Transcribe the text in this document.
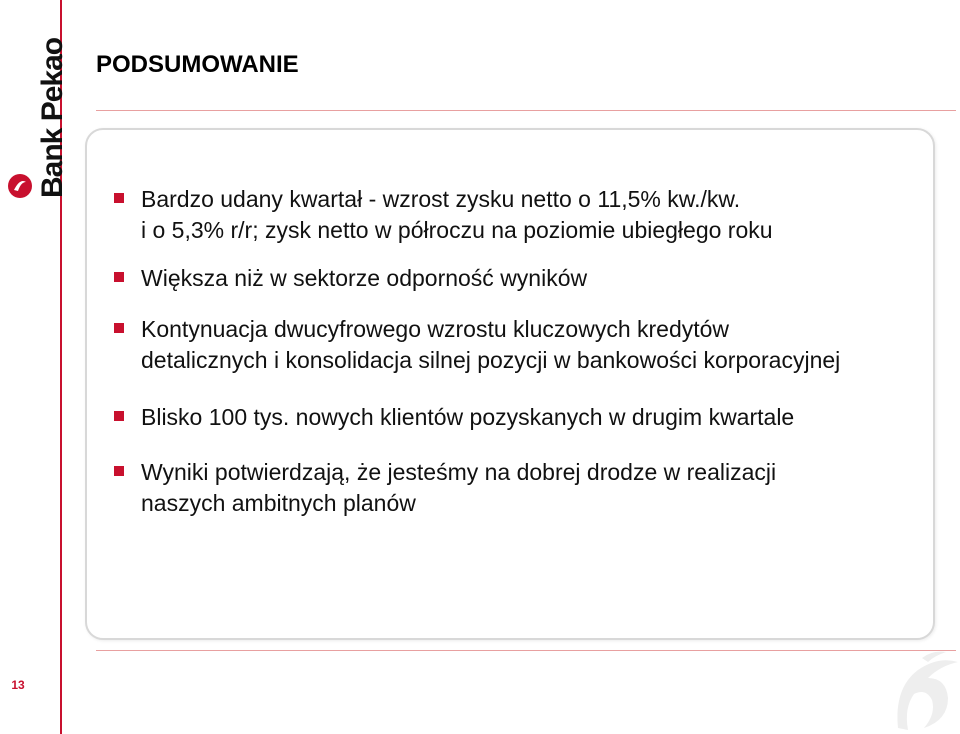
Bank Pekao PODSUMOWANIE
Bardzo udany kwartał - wzrost zysku netto o 11,5% kw./kw.
i o 5,3% r/r; zysk netto w półroczu na poziomie ubiegłego roku
Większa niż w sektorze odporność wyników
Kontynuacja dwucyfrowego wzrostu kluczowych kredytów
detalicznych i konsolidacja silnej pozycji w bankowości korporacyjnej
Blisko 100 tys. nowych klientów pozyskanych w drugim kwartale
Wyniki potwierdzają, że jesteśmy na dobrej drodze w realizacji
naszych ambitnych planów
13
